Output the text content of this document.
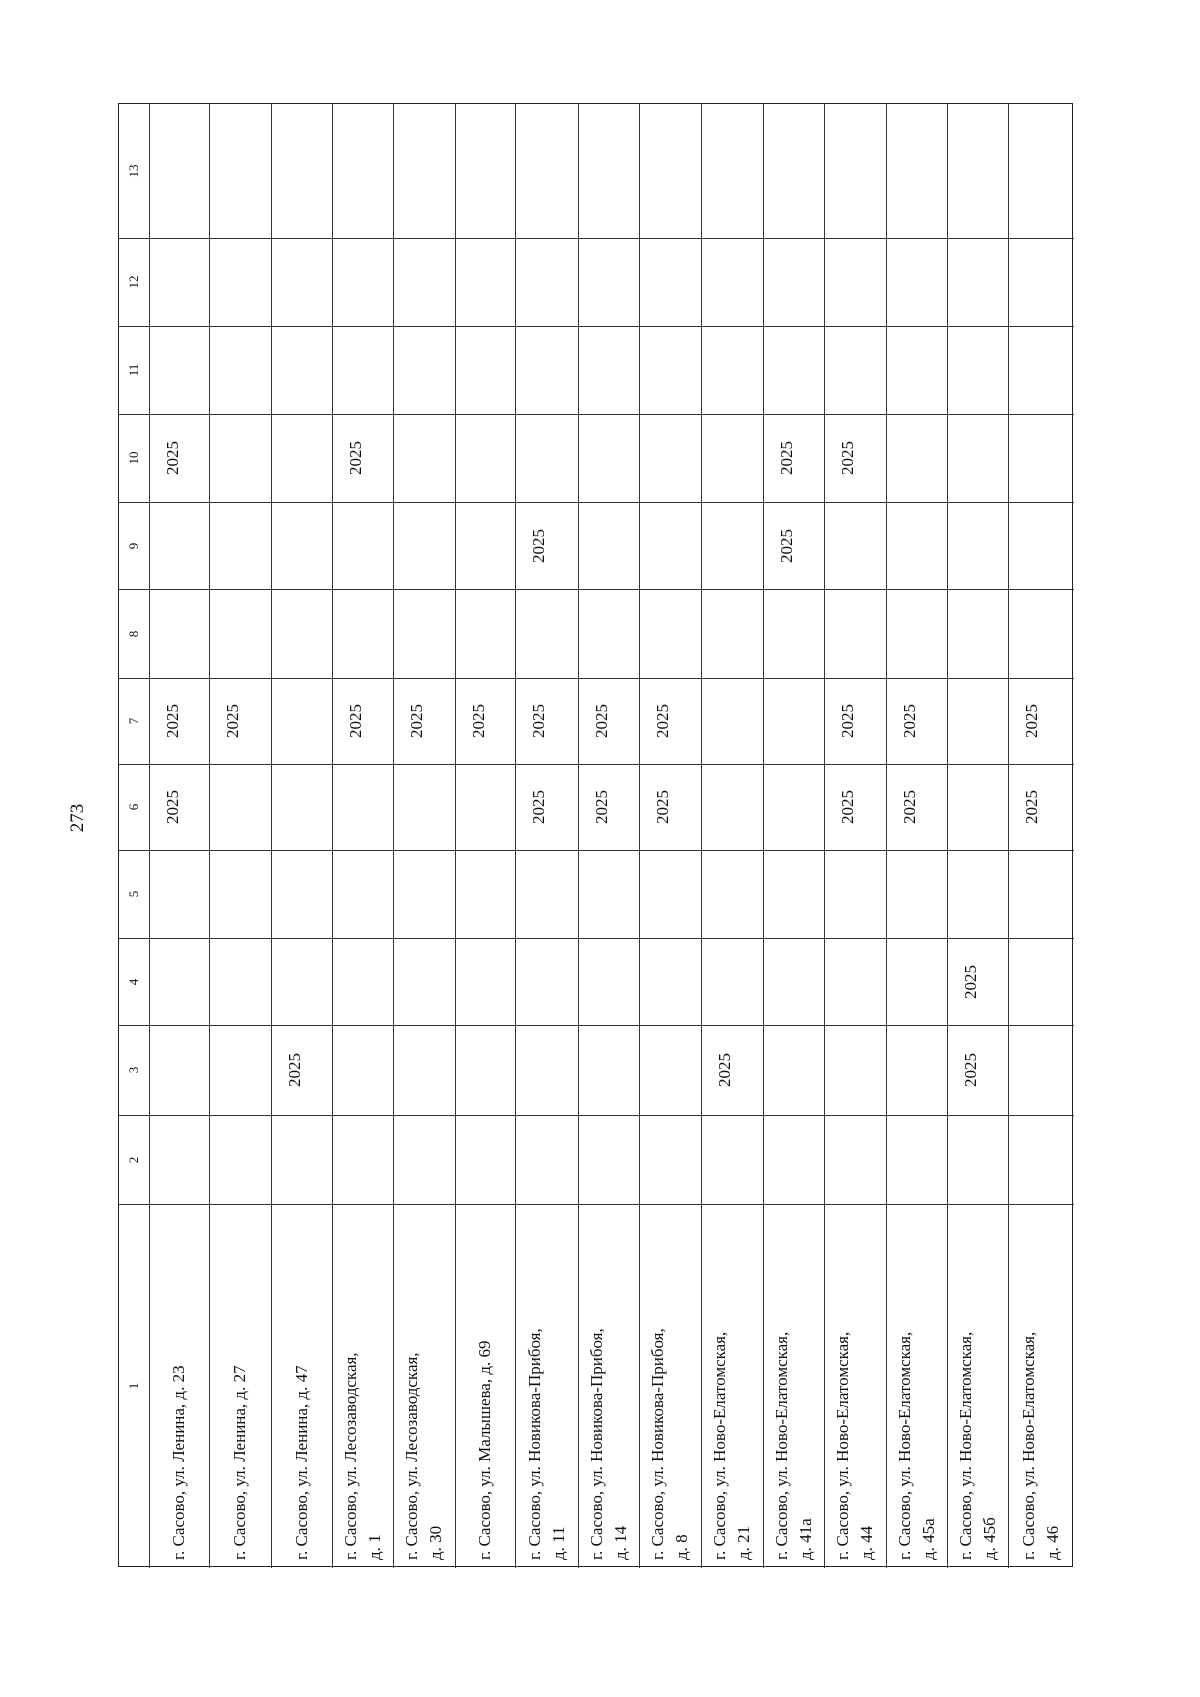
273
1
2
3
4
5
6
7
8
9
10
11
12
13
г. Сасово, ул. Ленина, д. 23
2025
2025
2025
г. Сасово, ул. Ленина, д. 27
2025
г. Сасово, ул. Ленина, д. 47
2025
г. Сасово, ул. Лесозаводская, д. 1
2025
2025
г. Сасово, ул. Лесозаводская, д. 30
2025
г. Сасово, ул. Малышева, д. 69
2025
г. Сасово, ул. Новикова-Прибоя, д. 11
2025
2025
2025
г. Сасово, ул. Новикова-Прибоя, д. 14
2025
2025
г. Сасово, ул. Новикова-Прибоя, д. 8
2025
2025
г. Сасово, ул. Ново-Елатомская, д. 21
2025
г. Сасово, ул. Ново-Елатомская, д. 41а
2025
2025
г. Сасово, ул. Ново-Елатомская, д. 44
2025
2025
2025
г. Сасово, ул. Ново-Елатомская, д. 45а
2025
2025
г. Сасово, ул. Ново-Елатомская, д. 45б
2025
2025
г. Сасово, ул. Ново-Елатомская, д. 46
2025
2025
